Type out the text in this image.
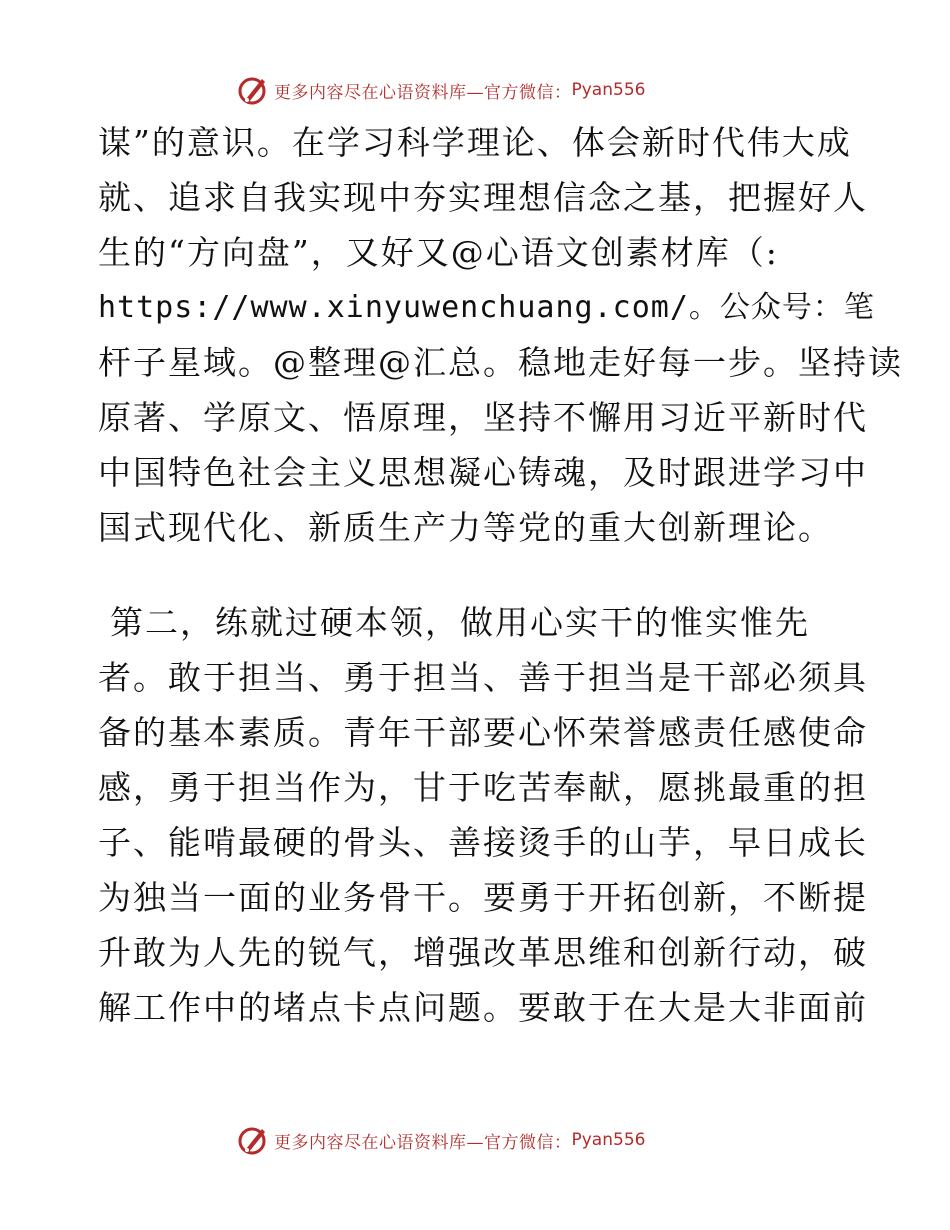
更多内容尽在心语资料库—官方微信： Pyan556
谋”的意识。在学习科学理论、体会新时代伟大成
就、追求自我实现中夯实理想信念之基，把握好人
生的“方向盘”，又好又@心语文创素材库（:
https://www.xinyuwenchuang.com/。公众号：笔
杆子星域。@整理@汇总。稳地走好每一步。坚持读
原著、学原文、悟原理，坚持不懈用习近平新时代
中国特色社会主义思想凝心铸魂，及时跟进学习中
国式现代化、新质生产力等党的重大创新理论。
第二，练就过硬本领，做用心实干的惟实惟先
者。敢于担当、勇于担当、善于担当是干部必须具
备的基本素质。青年干部要心怀荣誉感责任感使命
感，勇于担当作为，甘于吃苦奉献，愿挑最重的担
子、能啃最硬的骨头、善接烫手的山芋，早日成长
为独当一面的业务骨干。要勇于开拓创新，不断提
升敢为人先的锐气，增强改革思维和创新行动，破
解工作中的堵点卡点问题。要敢于在大是大非面前
更多内容尽在心语资料库—官方微信： Pyan556
